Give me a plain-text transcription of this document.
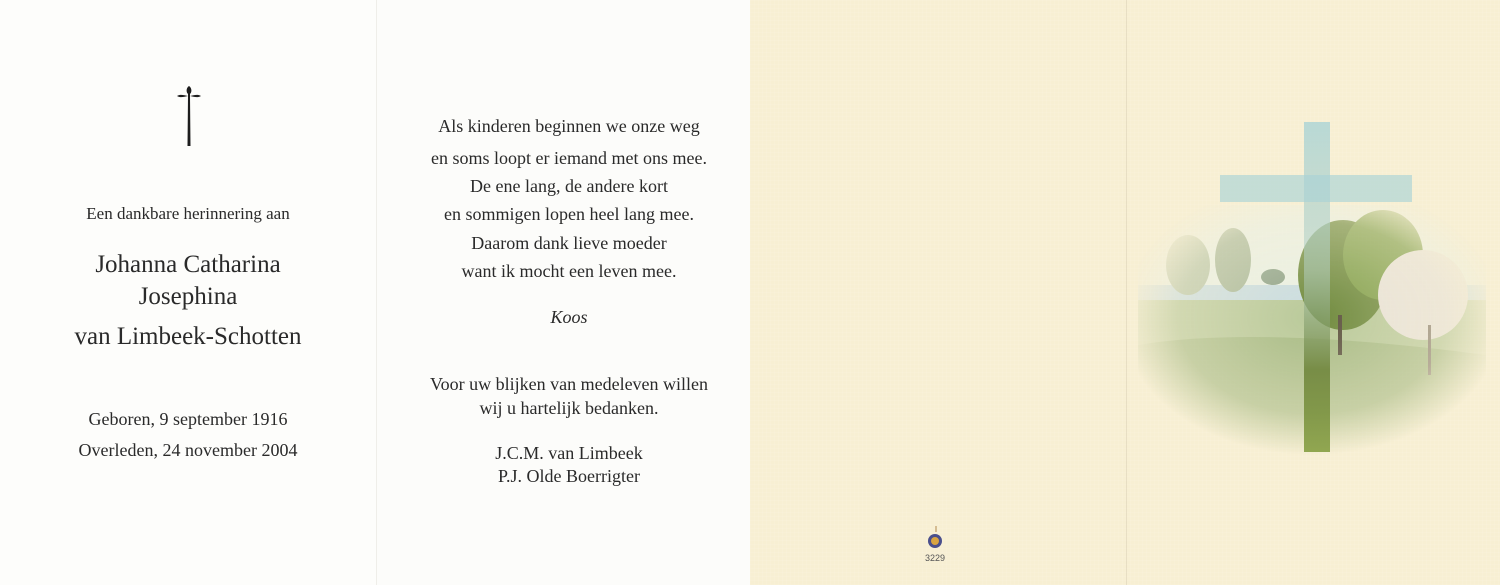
Een dankbare herinnering aan
Johanna Catharina
Josephina
van Limbeek-Schotten
Geboren, 9 september 1916
Overleden, 24 november 2004
Als kinderen beginnen we onze weg
en soms loopt er iemand met ons mee.
De ene lang, de andere kort
en sommigen lopen heel lang mee.
Daarom dank lieve moeder
want ik mocht een leven mee.
Koos
Voor uw blijken van medeleven willen
wij u hartelijk bedanken.
J.C.M. van Limbeek
P.J. Olde Boerrigter
3229
